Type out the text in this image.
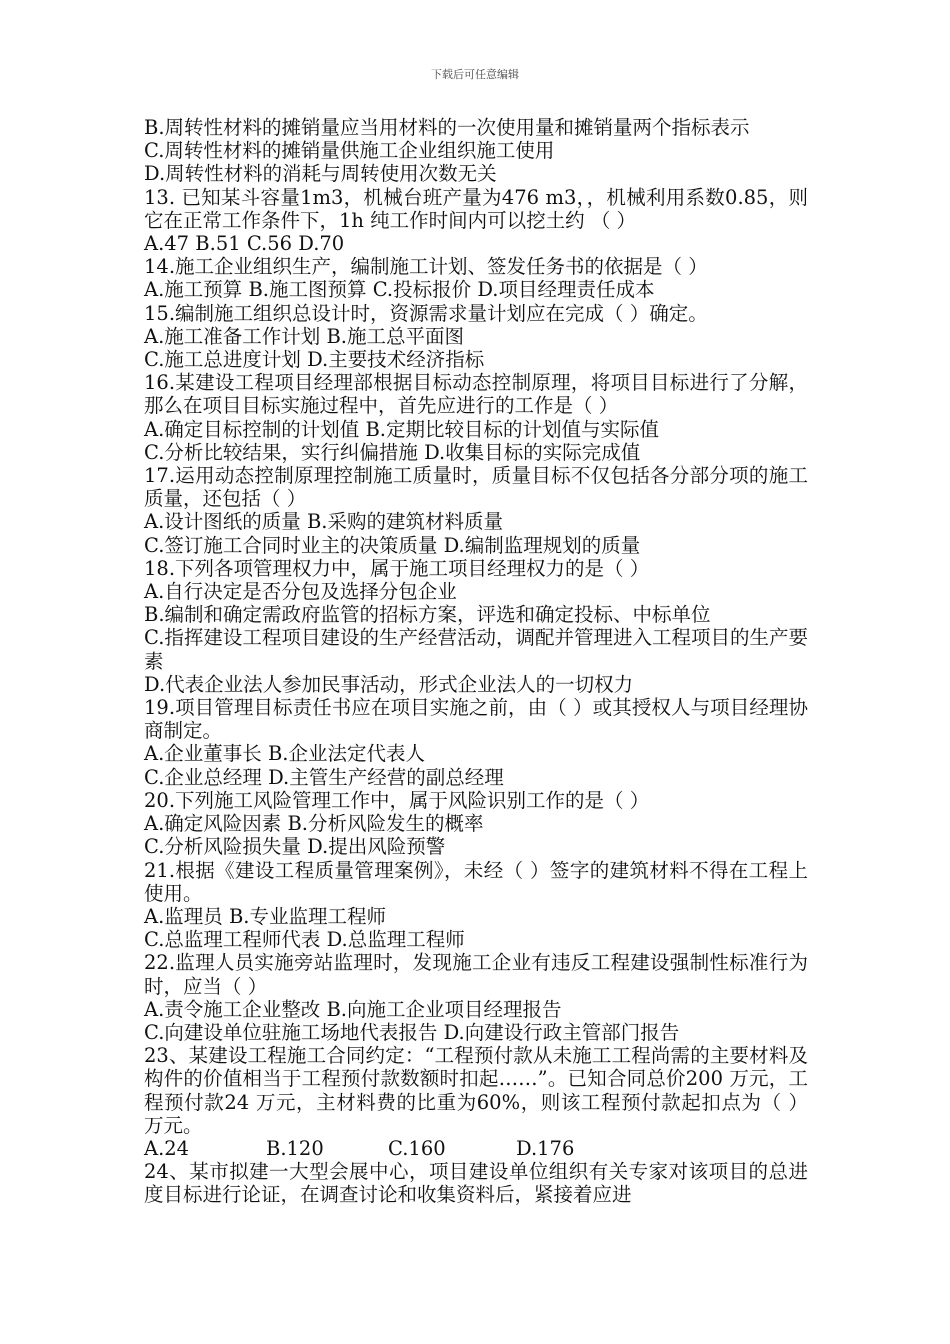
下载后可任意编辑

B.周转性材料的摊销量应当用材料的一次使用量和摊销量两个指标表示

C.周转性材料的摊销量供施工企业组织施工使用

D.周转性材料的消耗与周转使用次数无关

13. 已知某斗容量1m3，机械台班产量为476 m3，，机械利用系数0.85，则它在正常工作条件下，1h 纯工作时间内可以挖土约 （ ）

A.47 B.51 C.56 D.70

14.施工企业组织生产，编制施工计划、签发任务书的依据是（ ）

A.施工预算 B.施工图预算 C.投标报价 D.项目经理责任成本

15.编制施工组织总设计时，资源需求量计划应在完成（ ）确定。

A.施工准备工作计划 B.施工总平面图

C.施工总进度计划 D.主要技术经济指标

16.某建设工程项目经理部根据目标动态控制原理，将项目目标进行了分解，那么在项目目标实施过程中，首先应进行的工作是（ ）

A.确定目标控制的计划值 B.定期比较目标的计划值与实际值

C.分析比较结果，实行纠偏措施 D.收集目标的实际完成值

17.运用动态控制原理控制施工质量时，质量目标不仅包括各分部分项的施工质量，还包括（ ）

A.设计图纸的质量 B.采购的建筑材料质量

C.签订施工合同时业主的决策质量 D.编制监理规划的质量

18.下列各项管理权力中，属于施工项目经理权力的是（ ）

A.自行决定是否分包及选择分包企业

B.编制和确定需政府监管的招标方案，评选和确定投标、中标单位

C.指挥建设工程项目建设的生产经营活动，调配并管理进入工程项目的生产要素

D.代表企业法人参加民事活动，形式企业法人的一切权力

19.项目管理目标责任书应在项目实施之前，由（ ）或其授权人与项目经理协商制定。

A.企业董事长 B.企业法定代表人

C.企业总经理 D.主管生产经营的副总经理

20.下列施工风险管理工作中，属于风险识别工作的是（ ）

A.确定风险因素 B.分析风险发生的概率

C.分析风险损失量 D.提出风险预警

21.根据《建设工程质量管理案例》，未经（ ）签字的建筑材料不得在工程上使用。

A.监理员 B.专业监理工程师

C.总监理工程师代表 D.总监理工程师

22.监理人员实施旁站监理时，发现施工企业有违反工程建设强制性标准行为时，应当（ ）

A.责令施工企业整改 B.向施工企业项目经理报告

C.向建设单位驻施工场地代表报告 D.向建设行政主管部门报告

23、某建设工程施工合同约定：“工程预付款从未施工工程尚需的主要材料及构件的价值相当于工程预付款数额时扣起……”。已知合同总价200 万元，工程预付款24 万元，主材料费的比重为60%，则该工程预付款起扣点为（ ）万元。

A.24	B.120	C.160	D.176

24、某市拟建一大型会展中心，项目建设单位组织有关专家对该项目的总进度目标进行论证，在调查讨论和收集资料后，紧接着应进
